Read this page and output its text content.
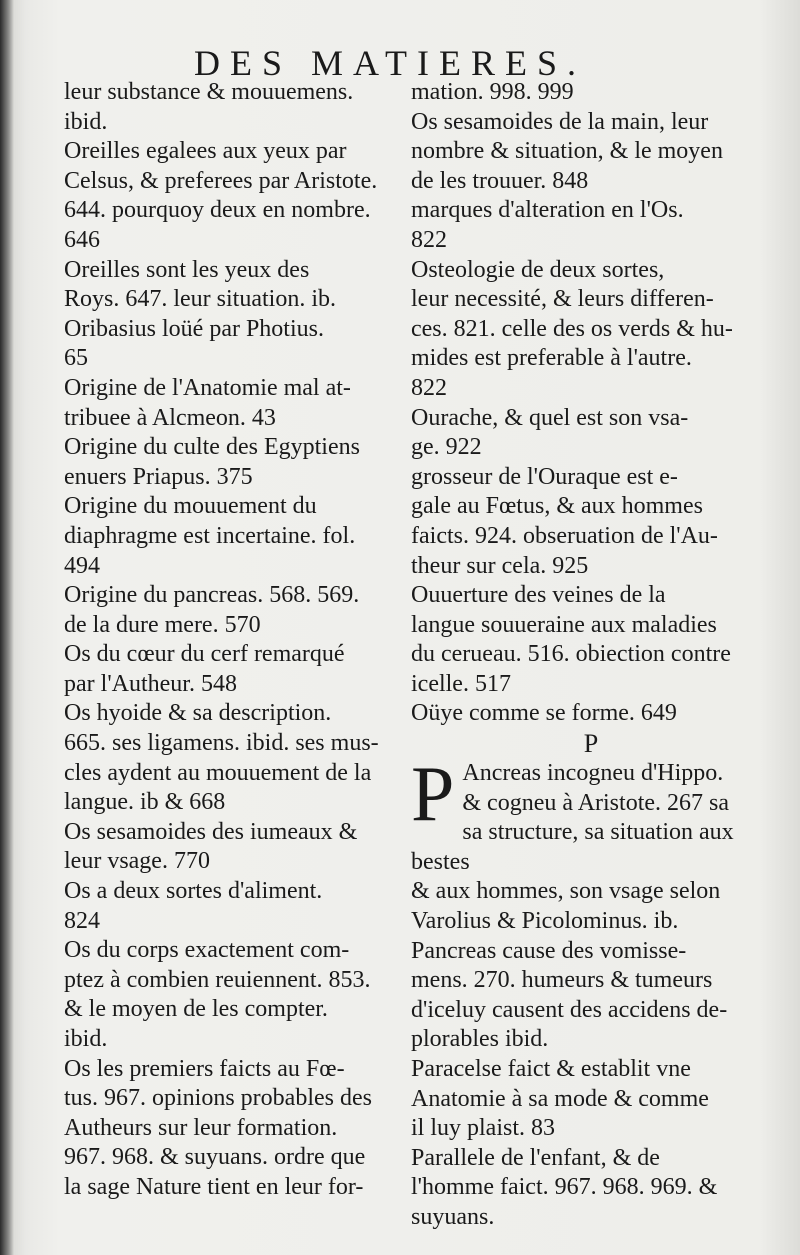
DES MATIERES.
leur substance & mouuemens.
ibid.
Oreilles egalees aux yeux par
Celsus, & preferees par Aristote.
644. pourquoy deux en nombre.
646
Oreilles sont les yeux des
Roys. 647. leur situation. ib.
Oribasius loüé par Photius.
65
Origine de l'Anatomie mal at-
tribuee à Alcmeon. 43
Origine du culte des Egyptiens
enuers Priapus. 375
Origine du mouuement du
diaphragme est incertaine. fol.
494
Origine du pancreas. 568. 569.
de la dure mere. 570
Os du cœur du cerf remarqué
par l'Autheur. 548
Os hyoide & sa description.
665. ses ligamens. ibid. ses mus-
cles aydent au mouuement de la
langue. ib & 668
Os sesamoides des iumeaux &
leur vsage. 770
Os a deux sortes d'aliment.
824
Os du corps exactement com-
ptez à combien reuiennent. 853.
& le moyen de les compter.
ibid.
Os les premiers faicts au Fœ-
tus. 967. opinions probables des
Autheurs sur leur formation.
967. 968. & suyuans. ordre que
la sage Nature tient en leur for-
mation. 998. 999
Os sesamoides de la main, leur
nombre & situation, & le moyen
de les trouuer. 848
marques d'alteration en l'Os.
822
Osteologie de deux sortes,
leur necessité, & leurs differen-
ces. 821. celle des os verds & hu-
mides est preferable à l'autre.
822
Ourache, & quel est son vsa-
ge. 922
grosseur de l'Ouraque est e-
gale au Fœtus, & aux hommes
faicts. 924. obseruation de l'Au-
theur sur cela. 925
Ouuerture des veines de la
langue souueraine aux maladies
du cerueau. 516. obiection contre
icelle. 517
Oüye comme se forme. 649
P
P Ancreas incogneu d'Hippo.
& cogneu à Aristote. 267 sa
sa structure, sa situation aux bestes
& aux hommes, son vsage selon
Varolius & Picolominus. ib.
Pancreas cause des vomisse-
mens. 270. humeurs & tumeurs
d'iceluy causent des accidens de-
plorables ibid.
Paracelse faict & establit vne
Anatomie à sa mode & comme
il luy plaist. 83
Parallele de l'enfant, & de
l'homme faict. 967. 968. 969. &
suyuans.
